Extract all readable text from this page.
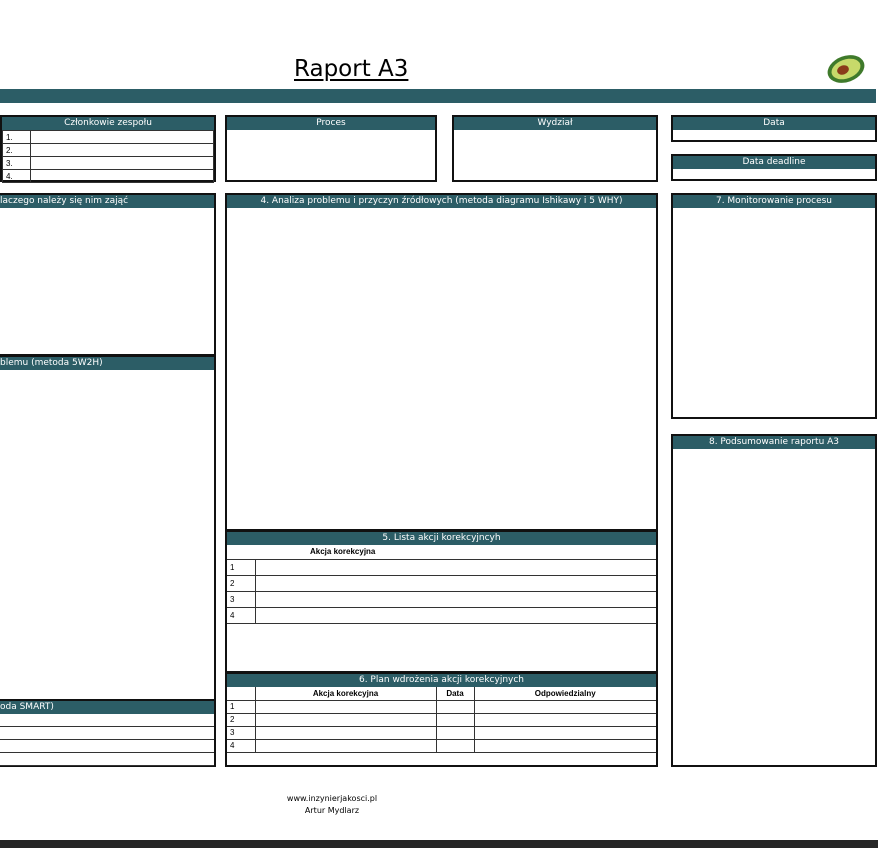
Raport A3
Członkowie zespołu
1.	
2.	
3.	
4.	
Proces	Wydział	Data
Data deadline
laczego należy się nim zająć
blemu (metoda 5W2H)
oda SMART)
4. Analiza problemu i przyczyn źródłowych (metoda diagramu Ishikawy i 5 WHY)
5. Lista akcji korekcyjncyh
	Akcja korekcyjna
1	
2	
3	
4	
6. Plan wdrożenia akcji korekcyjnych
	Akcja korekcyjna	Data	Odpowiedzialny
1			
2			
3			
4			
7. Monitorowanie procesu
8. Podsumowanie raportu A3
www.inzynierjakosci.pl
Artur Mydlarz
